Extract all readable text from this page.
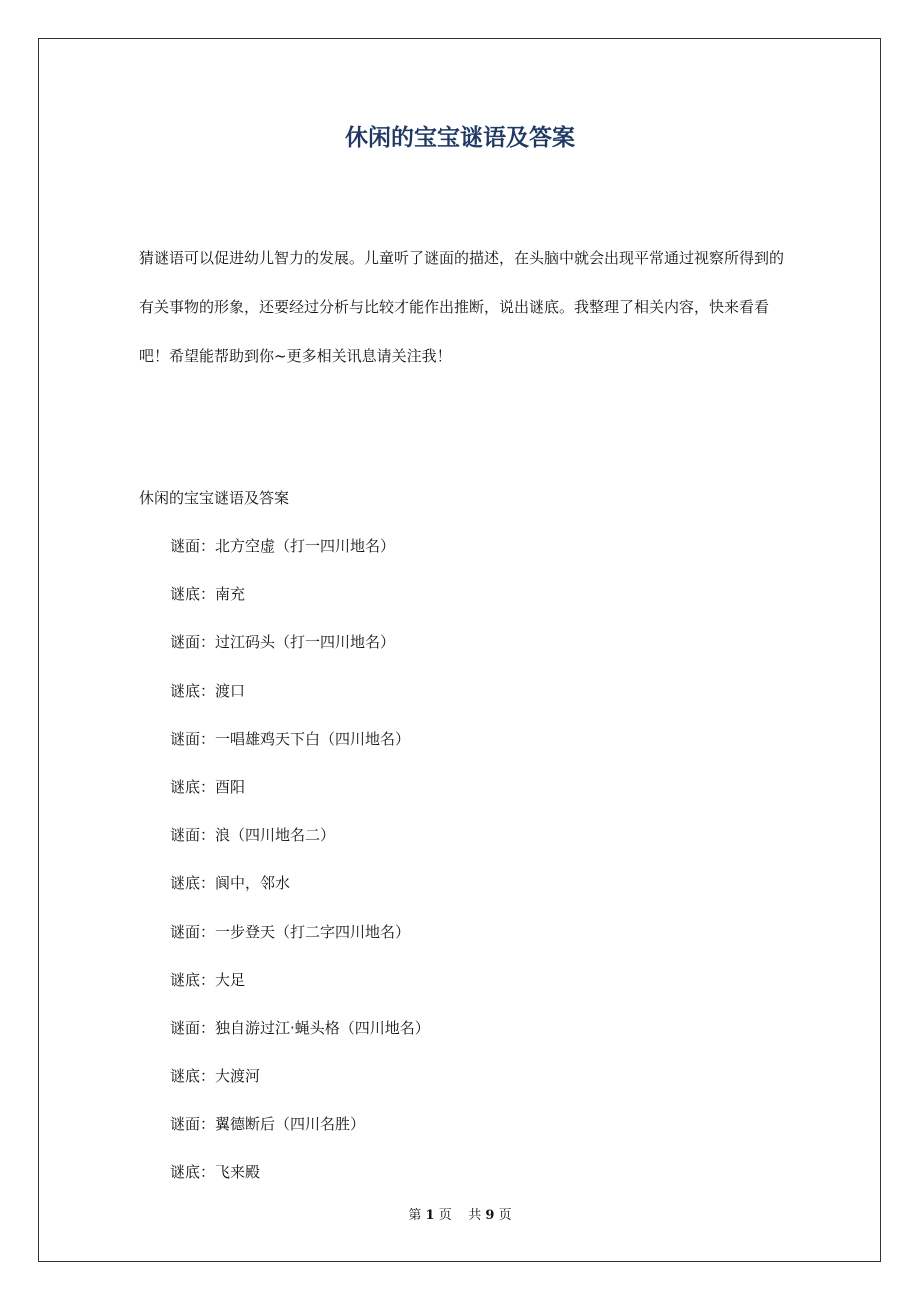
休闲的宝宝谜语及答案

猜谜语可以促进幼儿智力的发展。儿童听了谜面的描述，在头脑中就会出现平常通过视察所得到的有关事物的形象，还要经过分析与比较才能作出推断，说出谜底。我整理了相关内容，快来看看吧！希望能帮助到你~更多相关讯息请关注我！

休闲的宝宝谜语及答案
谜面：北方空虚（打一四川地名）
谜底：南充
谜面：过江码头（打一四川地名）
谜底：渡口
谜面：一唱雄鸡天下白（四川地名）
谜底：酉阳
谜面：浪（四川地名二）
谜底：阆中，邻水
谜面：一步登天（打二字四川地名）
谜底：大足
谜面：独自游过江·蝇头格（四川地名）
谜底：大渡河
谜面：翼德断后（四川名胜）
谜底：飞来殿
第 1 页 共 9 页
